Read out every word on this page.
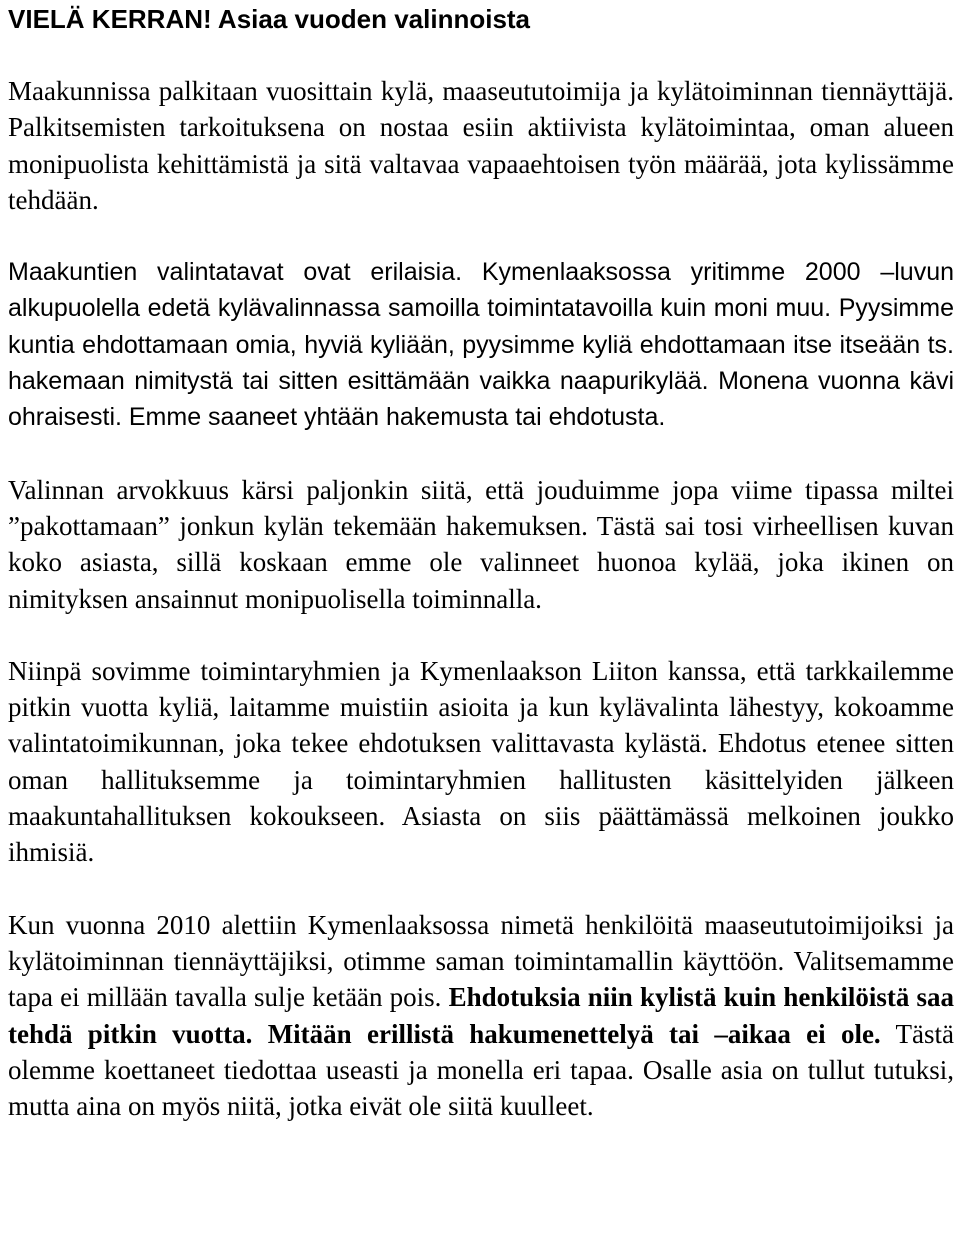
VIELÄ KERRAN! Asiaa vuoden valinnoista

Maakunnissa palkitaan vuosittain kylä, maaseututoimija ja kylätoiminnan tiennäyttäjä. Palkitsemisten tarkoituksena on nostaa esiin aktiivista kylätoimintaa, oman alueen monipuolista kehittämistä ja sitä valtavaa vapaaehtoisen työn määrää, jota kylissämme tehdään.

Maakuntien valintatavat ovat erilaisia. Kymenlaaksossa yritimme 2000 –luvun alkupuolella edetä kylävalinnassa samoilla toimintatavoilla kuin moni muu. Pyysimme kuntia ehdottamaan omia, hyviä kyliään, pyysimme kyliä ehdottamaan itse itseään ts. hakemaan nimitystä tai sitten esittämään vaikka naapurikylää. Monena vuonna kävi ohraisesti. Emme saaneet yhtään hakemusta tai ehdotusta.

Valinnan arvokkuus kärsi paljonkin siitä, että jouduimme jopa viime tipassa miltei ”pakottamaan” jonkun kylän tekemään hakemuksen. Tästä sai tosi virheellisen kuvan koko asiasta, sillä koskaan emme ole valinneet huonoa kylää, joka ikinen on nimityksen ansainnut monipuolisella toiminnalla.

Niinpä sovimme toimintaryhmien ja Kymenlaakson Liiton kanssa, että tarkkailemme pitkin vuotta kyliä, laitamme muistiin asioita ja kun kylävalinta lähestyy, kokoamme valintatoimikunnan, joka tekee ehdotuksen valittavasta kylästä. Ehdotus etenee sitten oman hallituksemme ja toimintaryhmien hallitusten käsittelyiden jälkeen maakuntahallituksen kokoukseen. Asiasta on siis päättämässä melkoinen joukko ihmisiä.

Kun vuonna 2010 alettiin Kymenlaaksossa nimetä henkilöitä maaseututoimijoiksi ja kylätoiminnan tiennäyttäjiksi, otimme saman toimintamallin käyttöön. Valitsemamme tapa ei millään tavalla sulje ketään pois. Ehdotuksia niin kylistä kuin henkilöistä saa tehdä pitkin vuotta. Mitään erillistä hakumenettelyä tai –aikaa ei ole. Tästä olemme koettaneet tiedottaa useasti ja monella eri tapaa. Osalle asia on tullut tutuksi, mutta aina on myös niitä, jotka eivät ole siitä kuulleet.
